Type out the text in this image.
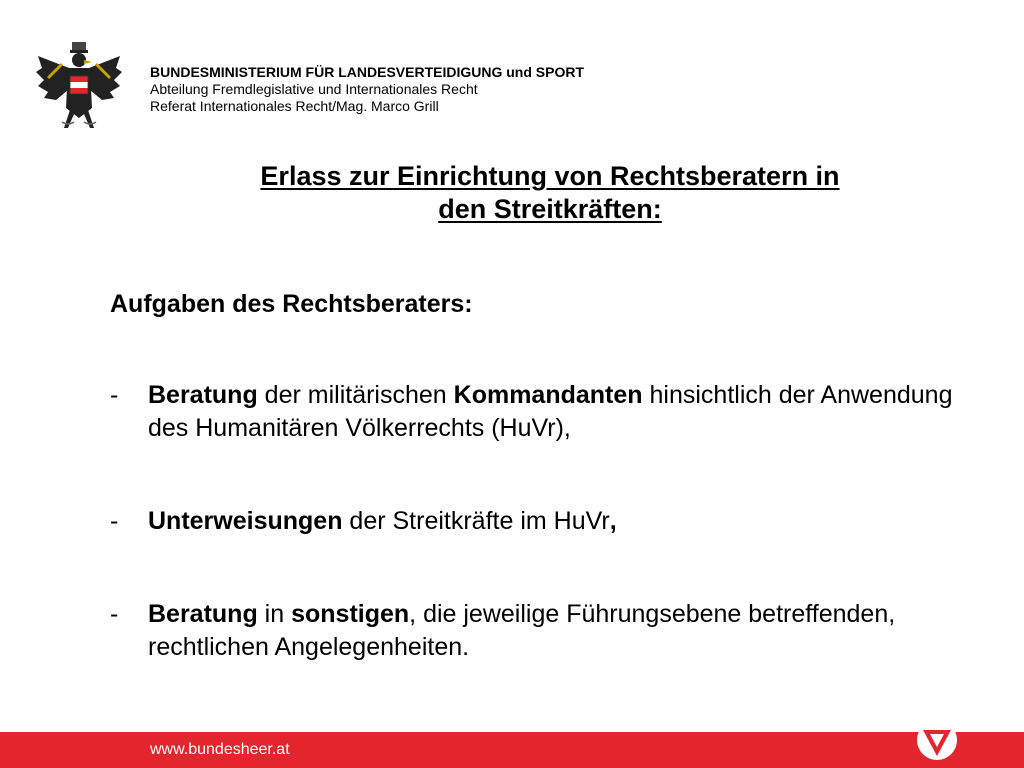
BUNDESMINISTERIUM FÜR LANDESVERTEIDIGUNG und SPORT
Abteilung Fremdlegislative und Internationales Recht
Referat Internationales Recht/Mag. Marco Grill
Erlass zur Einrichtung von Rechtsberatern in
den Streitkräften:
Aufgaben des Rechtsberaters:
-	Beratung der militärischen Kommandanten hinsichtlich der Anwendung des Humanitären Völkerrechts (HuVr),
-	Unterweisungen der Streitkräfte im HuVr,
-	Beratung in sonstigen, die jeweilige Führungsebene betreffenden, rechtlichen Angelegenheiten.
www.bundesheer.at
